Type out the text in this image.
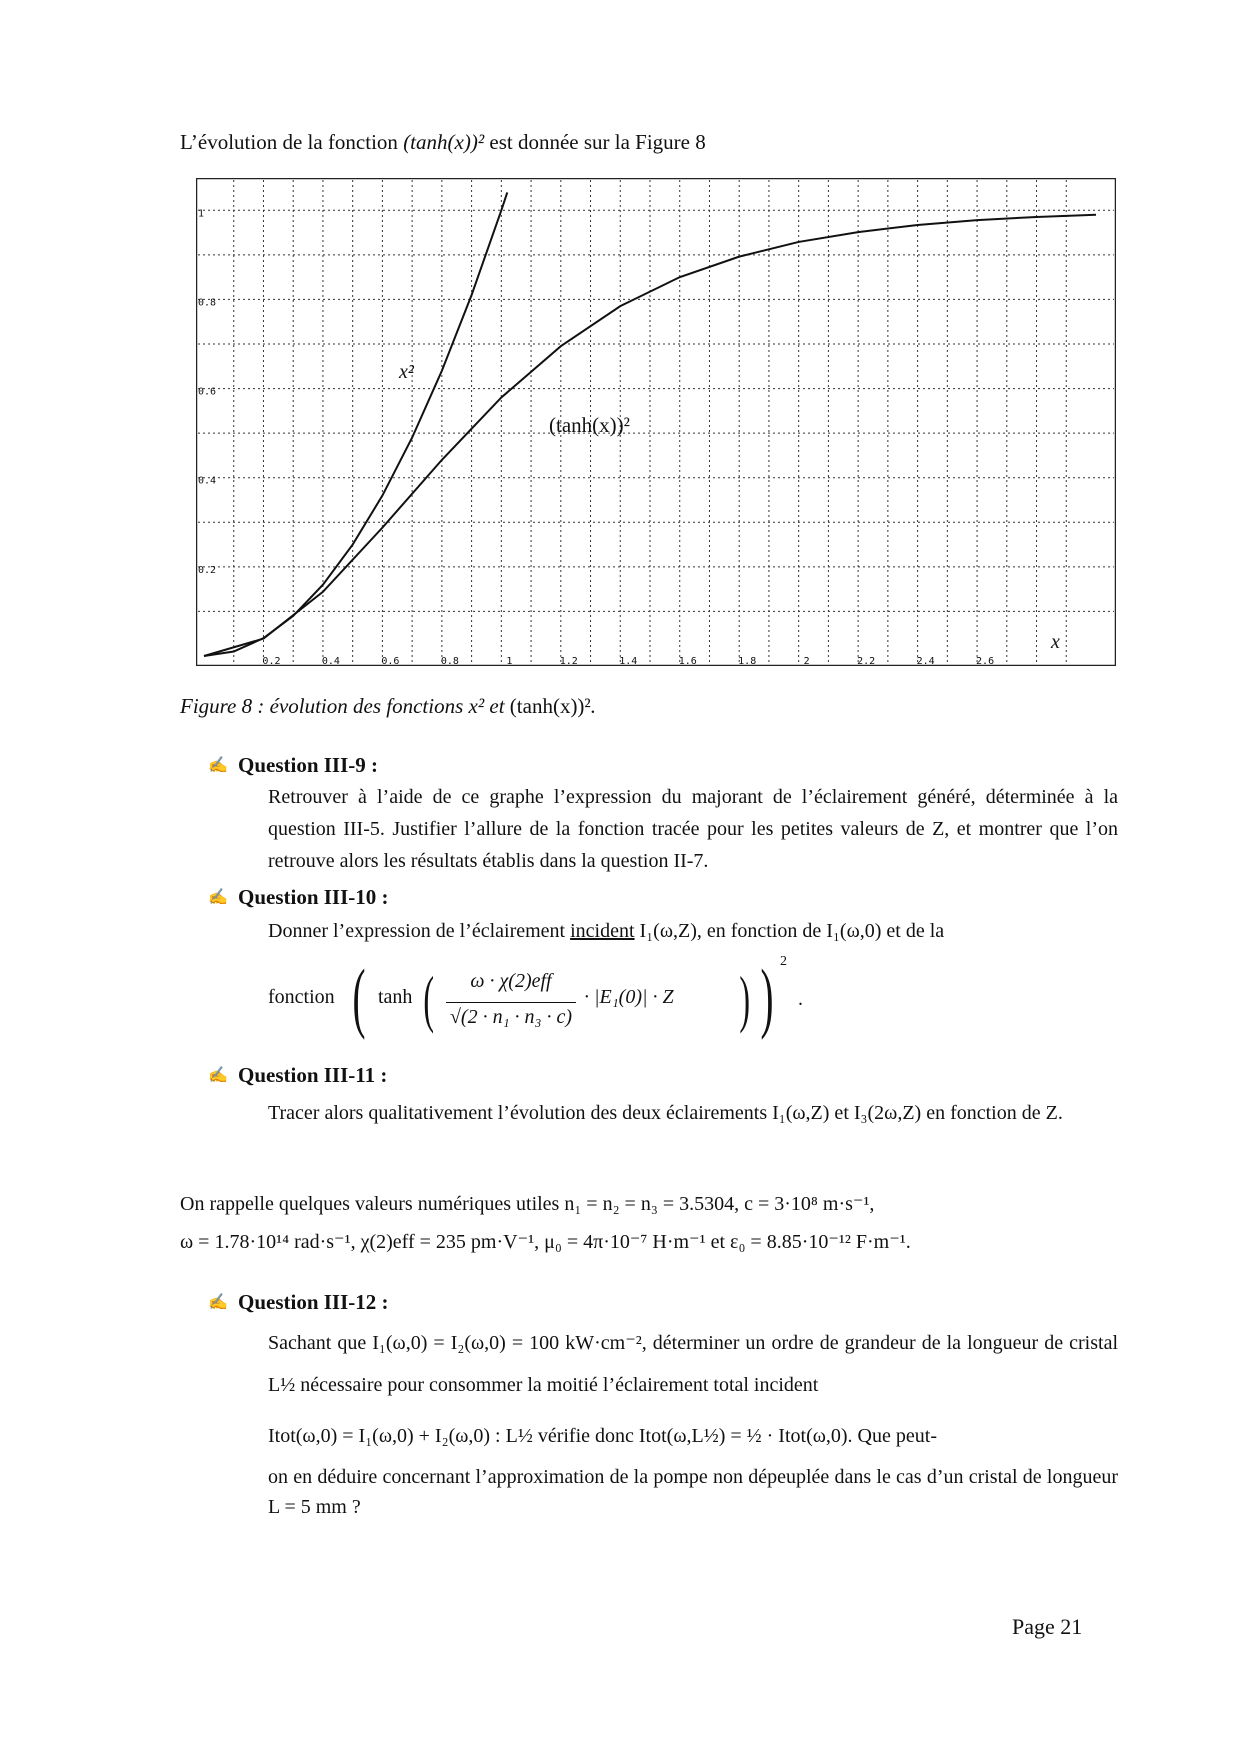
L’évolution de la fonction (tanh(x))² est donnée sur la Figure 8
0.2	0.4	0.6	0.8	1	1.2	1.4	1.6	1.8	2	2.2	2.4	2.6
0.2
0.4
0.6
0.8
1
x²
(tanh(x))²
x
Figure 8 : évolution des fonctions x² et (tanh(x))².
✍ Question III-9 :
Retrouver à l’aide de ce graphe l’expression du majorant de l’éclairement généré, déterminée à la question III-5. Justifier l’allure de la fonction tracée pour les petites valeurs de Z, et montrer que l’on retrouve alors les résultats établis dans la question II-7.
✍ Question III-10 :
Donner l’expression de l’éclairement incident I₁(ω,Z), en fonction de I₁(ω,0) et de la
fonction ( tanh (	ω · χ(2)eff
√(2 · n₁ · n₃ · c)
· |E₁(0)| · Z ) ) 2
.
✍ Question III-11 :
Tracer alors qualitativement l’évolution des deux éclairements I₁(ω,Z) et I₃(2ω,Z) en fonction de Z.
On rappelle quelques valeurs numériques utiles n₁ = n₂ = n₃ = 3.5304, c = 3·10⁸ m·s⁻¹,
ω = 1.78·10¹⁴ rad·s⁻¹, χ(2)eff = 235 pm·V⁻¹, μ₀ = 4π·10⁻⁷ H·m⁻¹ et ε₀ = 8.85·10⁻¹² F·m⁻¹.
✍ Question III-12 :
Sachant que I₁(ω,0) = I₂(ω,0) = 100 kW·cm⁻², déterminer un ordre de grandeur de la longueur de cristal L½ nécessaire pour consommer la moitié l’éclairement total incident
Itot(ω,0) = I₁(ω,0) + I₂(ω,0) : L½ vérifie donc Itot(ω,L½) = ½ · Itot(ω,0). Que peut-
on en déduire concernant l’approximation de la pompe non dépeuplée dans le cas d’un cristal de longueur L = 5 mm ?
Page 21
